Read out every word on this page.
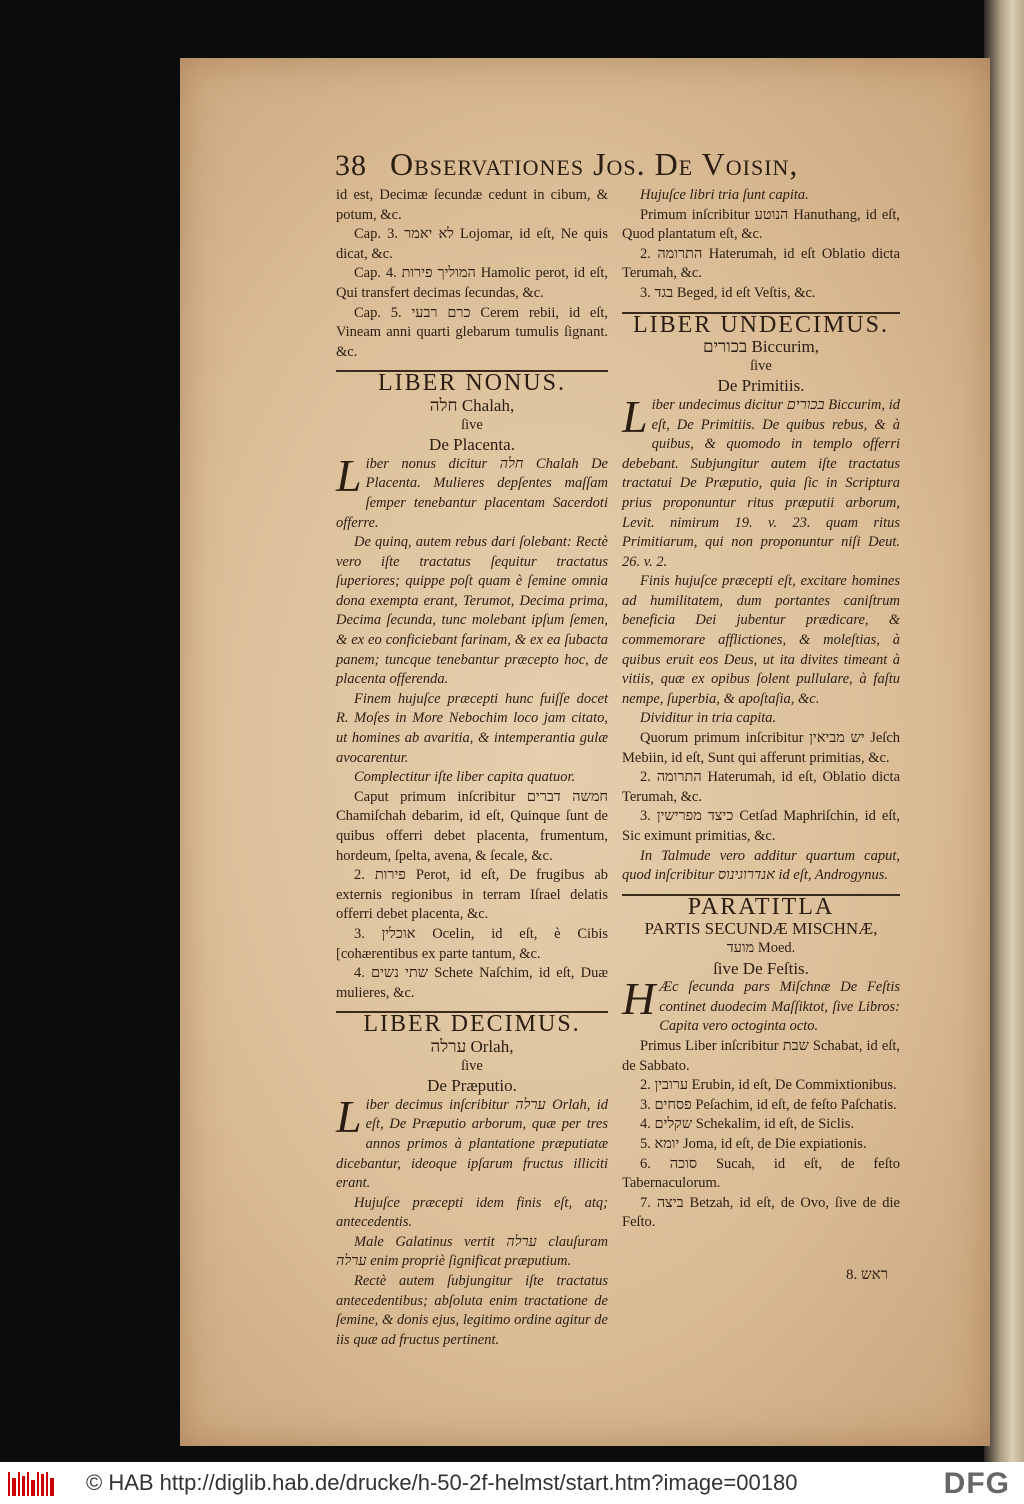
38 Observationes Jos. De Voisin,

id est, Decimæ ſecundæ cedunt in cibum, & potum, &c.

Cap. 3. לא יאמר Lojomar, id eſt, Ne quis dicat, &c.

Cap. 4. המוליך פירות Hamolic perot, id eſt, Qui transfert decimas ſecundas, &c.

Cap. 5. כרם רבעי Cerem rebii, id eſt, Vineam anni quarti glebarum tumulis ſignant. &c.

LIBER NONUS.
חלה Chalah,
ſive
De Placenta.

Liber nonus dicitur חלה Chalah De Placenta. Mulieres depſentes maſſam ſemper tenebantur placentam Sacerdoti offerre.

De quinq, autem rebus dari ſolebant: Rectè vero iſte tractatus ſequitur tractatus ſuperiores; quippe poſt quam è ſemine omnia dona exempta erant, Terumot, Decima prima, Decima ſecunda, tunc molebant ipſum ſemen, & ex eo conficiebant farinam, & ex ea ſubacta panem; tuncque tenebantur præcepto hoc, de placenta offerenda.

Finem hujuſce præcepti hunc fuiſſe docet R. Moſes in More Nebochim loco jam citato, ut homines ab avaritia, & intemperantia gulæ avocarentur.

Complectitur iſte liber capita quatuor.

Caput primum inſcribitur חמשה דברים Chamiſchah debarim, id eſt, Quinque ſunt de quibus offerri debet placenta, frumentum, hordeum, ſpelta, avena, & ſecale, &c.

2. פירות Perot, id eſt, De frugibus ab externis regionibus in terram Iſrael delatis offerri debet placenta, &c.

3. אוכלין Ocelin, id eſt, è Cibis [cohærentibus ex parte tantum, &c.

4. שתי נשים Schete Naſchim, id eſt, Duæ mulieres, &c.

LIBER DECIMUS.
ערלה Orlah,
ſive
De Præputio.

Liber decimus inſcribitur ערלה Orlah, id eſt, De Præputio arborum, quæ per tres annos primos à plantatione præputiatæ dicebantur, ideoque ipſarum fructus illiciti erant.

Hujuſce præcepti idem finis eſt, atq; antecedentis.

Male Galatinus vertit ערלה clauſuram ערלה enim propriè ſignificat præputium.

Rectè autem ſubjungitur iſte tractatus antecedentibus; abſoluta enim tractatione de ſemine, & donis ejus, legitimo ordine agitur de iis quæ ad fructus pertinent.

Hujuſce libri tria ſunt capita.

Primum inſcribitur הנוטע Hanuthang, id eſt, Quod plantatum eſt, &c.

2. התרומה Haterumah, id eſt Oblatio dicta Terumah, &c.

3. בגד Beged, id eſt Veſtis, &c.

LIBER UNDECIMUS.
בכורים Biccurim,
ſive
De Primitiis.

Liber undecimus dicitur בכורים Biccurim, id eſt, De Primitiis. De quibus rebus, & à quibus, & quomodo in templo offerri debebant. Subjungitur autem iſte tractatus tractatui De Præputio, quia ſic in Scriptura prius proponuntur ritus præputii arborum, Levit. nimirum 19. v. 23. quam ritus Primitiarum, qui non proponuntur niſi Deut. 26. v. 2.

Finis hujuſce præcepti eſt, excitare homines ad humilitatem, dum portantes caniſtrum beneficia Dei jubentur prædicare, & commemorare afflictiones, & moleſtias, à quibus eruit eos Deus, ut ita divites timeant à vitiis, quæ ex opibus ſolent pullulare, à faſtu nempe, ſuperbia, & apoſtaſia, &c.

Dividitur in tria capita.

Quorum primum inſcribitur יש מביאין Jeſch Mebiin, id eſt, Sunt qui afferunt primitias, &c.

2. התרומה Haterumah, id eſt, Oblatio dicta Terumah, &c.

3. כיצד מפרישין Cetſad Maphriſchin, id eſt, Sic eximunt primitias, &c.

In Talmude vero additur quartum caput, quod inſcribitur אנדרוגינוס id eſt, Androgynus.

PARATITLA
PARTIS SECUNDÆ MISCHNÆ,
מועד Moed.
ſive De Feſtis.

H Æc ſecunda pars Miſchnæ De Feſtis continet duodecim Maſſiktot, ſive Libros: Capita vero octoginta octo.

Primus Liber inſcribitur שבת Schabat, id eſt, de Sabbato.

2. ערובין Erubin, id eſt, De Commixtionibus.

3. פסחים Peſachim, id eſt, de feſto Paſchatis.

4. שקלים Schekalim, id eſt, de Siclis.

5. יומא Joma, id eſt, de Die expiationis.

6. סוכה Sucah, id eſt, de feſto Tabernaculorum.

7. ביצה Betzah, id eſt, de Ovo, ſive de die Feſto.

8. ראש
© HAB http://diglib.hab.de/drucke/h-50-2f-helmst/start.htm?image=00180	DFG
